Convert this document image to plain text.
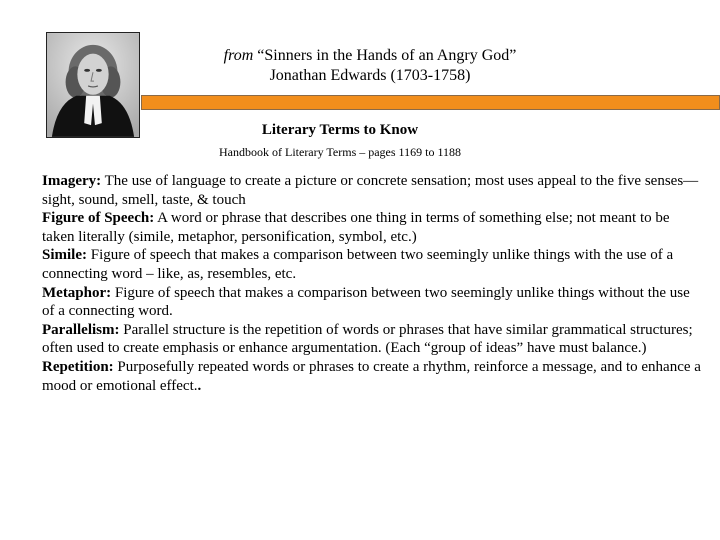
from “Sinners in the Hands of an Angry God”
Jonathan Edwards (1703-1758)
Literary Terms to Know
Handbook of Literary Terms – pages 1169 to 1188

Imagery: The use of language to create a picture or concrete sensation; most uses appeal to the five senses—sight, sound, smell, taste, & touch

Figure of Speech: A word or phrase that describes one thing in terms of something else; not meant to be taken literally (simile, metaphor, personification, symbol, etc.)

Simile: Figure of speech that makes a comparison between two seemingly unlike things with the use of a connecting word – like, as, resembles, etc.

Metaphor: Figure of speech that makes a comparison between two seemingly unlike things without the use of a connecting word.

Parallelism: Parallel structure is the repetition of words or phrases that have similar grammatical structures; often used to create emphasis or enhance argumentation. (Each “group of ideas” have must balance.)

Repetition: Purposefully repeated words or phrases to create a rhythm, reinforce a message, and to enhance a mood or emotional effect..
